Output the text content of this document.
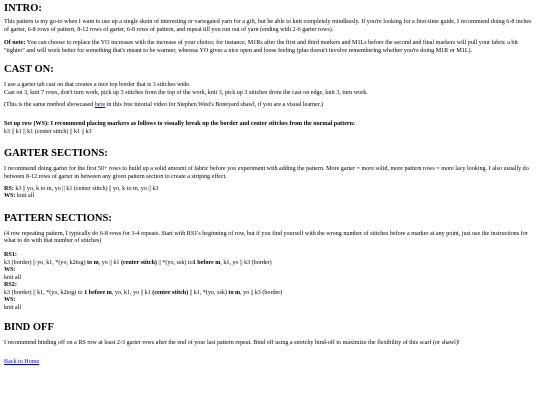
INTRO:

This pattern is my go-to when I want to use up a single skein of interesting or variegated yarn for a gift, but be able to knit completely mindlessly. If you're looking for a first-time guide, I recommend doing 6-8 inches of garter, 6-8 rows of pattern, 8-12 rows of garter, 6-8 rows of pattern, and repeat till you run out of yarn (ending with 2-6 garter rows).

Of note: You can choose to replace the YO increases with the increase of your choice; for instance, M1Rs after the first and third markers and M1Ls before the second and final markers will pull your fabric a bit "tighter" and will work better for something that's meant to be warmer, whereas YO gives a nice open and loose feeling (plus doesn't involve remembering whether you're doing M1R or M1L).

CAST ON:

I use a garter tab cast on that creates a nice top border that is 3 stitches wide.

Cast on 3, knit 7 rows, don't turn work, pick up 3 stitches from the top of the work, knit 3, pick up 3 stitches drom the cast on edge, knit 3, turn work.

(This is the same method showcased here in this free tutorial video for Stephen West's Boneyard shawl, if you are a visual learner.)

Set up row (WS): I recommend placing markers as follows to visually break up the border and center stitches from the normal pattern:

k3 || k1 || k1 (center stitch) || k1 || k3

GARTER SECTIONS:

I recommend doing garter for the first 50+ rows to build up a solid amount of fabric before you experiment with adding the pattern. More garter = more solid, more pattern rows = more lacy looking. I also usually do between 8-12 rows of garter in between any given pattern section to create a striping effect.

RS: k3 || yo, k to m, yo || k1 (center stitch) || yo, k to m, yo || k3

WS: knit all

PATTERN SECTIONS:

(4 row repeating pattern, I typically do 6-8 rows for 3-4 repeats. Start with RS1's beginning of row, but if you find yourself with the wrong number of stitches before a marker at any point, just use the instructions for what to do with that number of stitches)

RS1:

k3 (border) || yo, k1, *(yo, k2tog) to m, yo || k1 (center stitch) || *(yo, ssk) to1 before m, k1, yo || k3 (border)

WS:

knit all

RS2:

k3 (border) || k1, *(yo, k2tog) to 1 before m, yo, k1, yo || k1 (center stitch) || k1, *(yo, ssk) to m, yo || k3 (border)

WS:

knit all

BIND OFF

I recommend binding off on a RS row at least 2-3 garter rows after the end of your last pattern repeat. Bind off using a stretchy bind-off to maximize the flexibility of this scarf (or shawl)!

Back to Home
